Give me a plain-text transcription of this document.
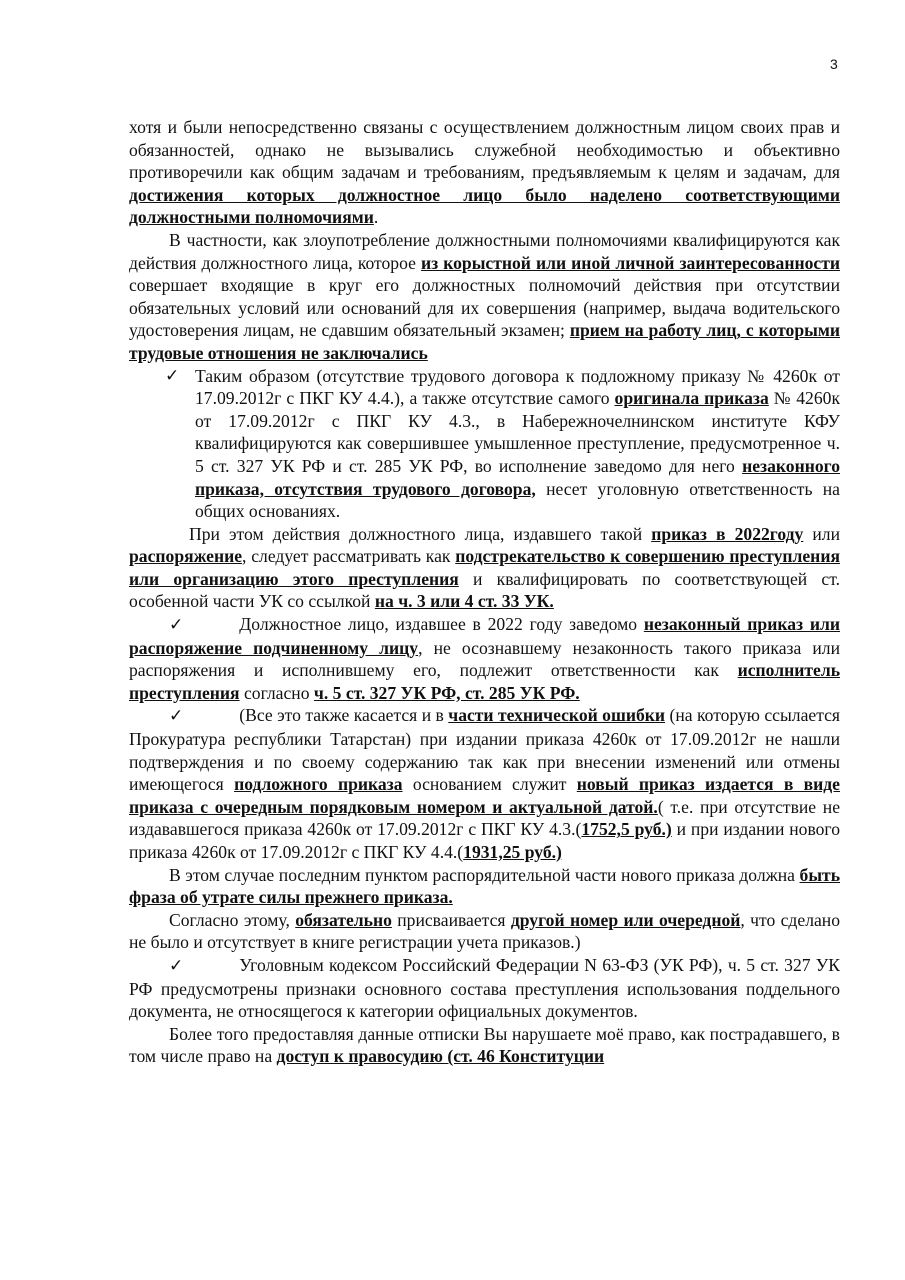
3

хотя и были непосредственно связаны с осуществлением должностным лицом своих прав и обязанностей, однако не вызывались служебной необходимостью и объективно противоречили как общим задачам и требованиям, предъявляемым к целям и задачам, для достижения которых должностное лицо было наделено соответствующими должностными полномочиями.

В частности, как злоупотребление должностными полномочиями квалифицируются как действия должностного лица, которое из корыстной или иной личной заинтересованности совершает входящие в круг его должностных полномочий действия при отсутствии обязательных условий или оснований для их совершения (например, выдача водительского удостоверения лицам, не сдавшим обязательный экзамен; прием на работу лиц, с которыми трудовые отношения не заключались

✓ Таким образом (отсутствие трудового договора к подложному приказу № 4260к от 17.09.2012г с ПКГ КУ 4.4.), а также отсутствие самого оригинала приказа № 4260к от 17.09.2012г с ПКГ КУ 4.3., в Набережночелнинском институте КФУ квалифицируются как совершившее умышленное преступление, предусмотренное ч. 5 ст. 327 УК РФ и ст. 285 УК РФ, во исполнение заведомо для него незаконного приказа, отсутствия трудового договора, несет уголовную ответственность на общих основаниях.

При этом действия должностного лица, издавшего такой приказ в 2022году или распоряжение, следует рассматривать как подстрекательство к совершению преступления или организацию этого преступления и квалифицировать по соответствующей ст. особенной части УК со ссылкой на ч. 3 или 4 ст. 33 УК.

✓	Должностное лицо, издавшее в 2022 году заведомо незаконный приказ или распоряжение подчиненному лицу, не осознавшему незаконность такого приказа или распоряжения и исполнившему его, подлежит ответственности как исполнитель преступления согласно ч. 5 ст. 327 УК РФ, ст. 285 УК РФ.

✓	(Все это также касается и в части технической ошибки (на которую ссылается Прокуратура республики Татарстан) при издании приказа 4260к от 17.09.2012г не нашли подтверждения и по своему содержанию так как при внесении изменений или отмены имеющегося подложного приказа основанием служит новый приказ издается в виде приказа с очередным порядковым номером и актуальной датой.( т.е. при отсутствие не издававшегося приказа 4260к от 17.09.2012г с ПКГ КУ 4.3.(1752,5 руб.) и при издании нового приказа 4260к от 17.09.2012г с ПКГ КУ 4.4.(1931,25 руб.)

В этом случае последним пунктом распорядительной части нового приказа должна быть фраза об утрате силы прежнего приказа.

Согласно этому, обязательно присваивается другой номер или очередной, что сделано не было и отсутствует в книге регистрации учета приказов.)

✓	Уголовным кодексом Российский Федерации N 63-ФЗ (УК РФ), ч. 5 ст. 327 УК РФ предусмотрены признаки основного состава преступления использования поддельного документа, не относящегося к категории официальных документов.

Более того предоставляя данные отписки Вы нарушаете моё право, как пострадавшего, в том числе право на доступ к правосудию (ст. 46 Конституции
